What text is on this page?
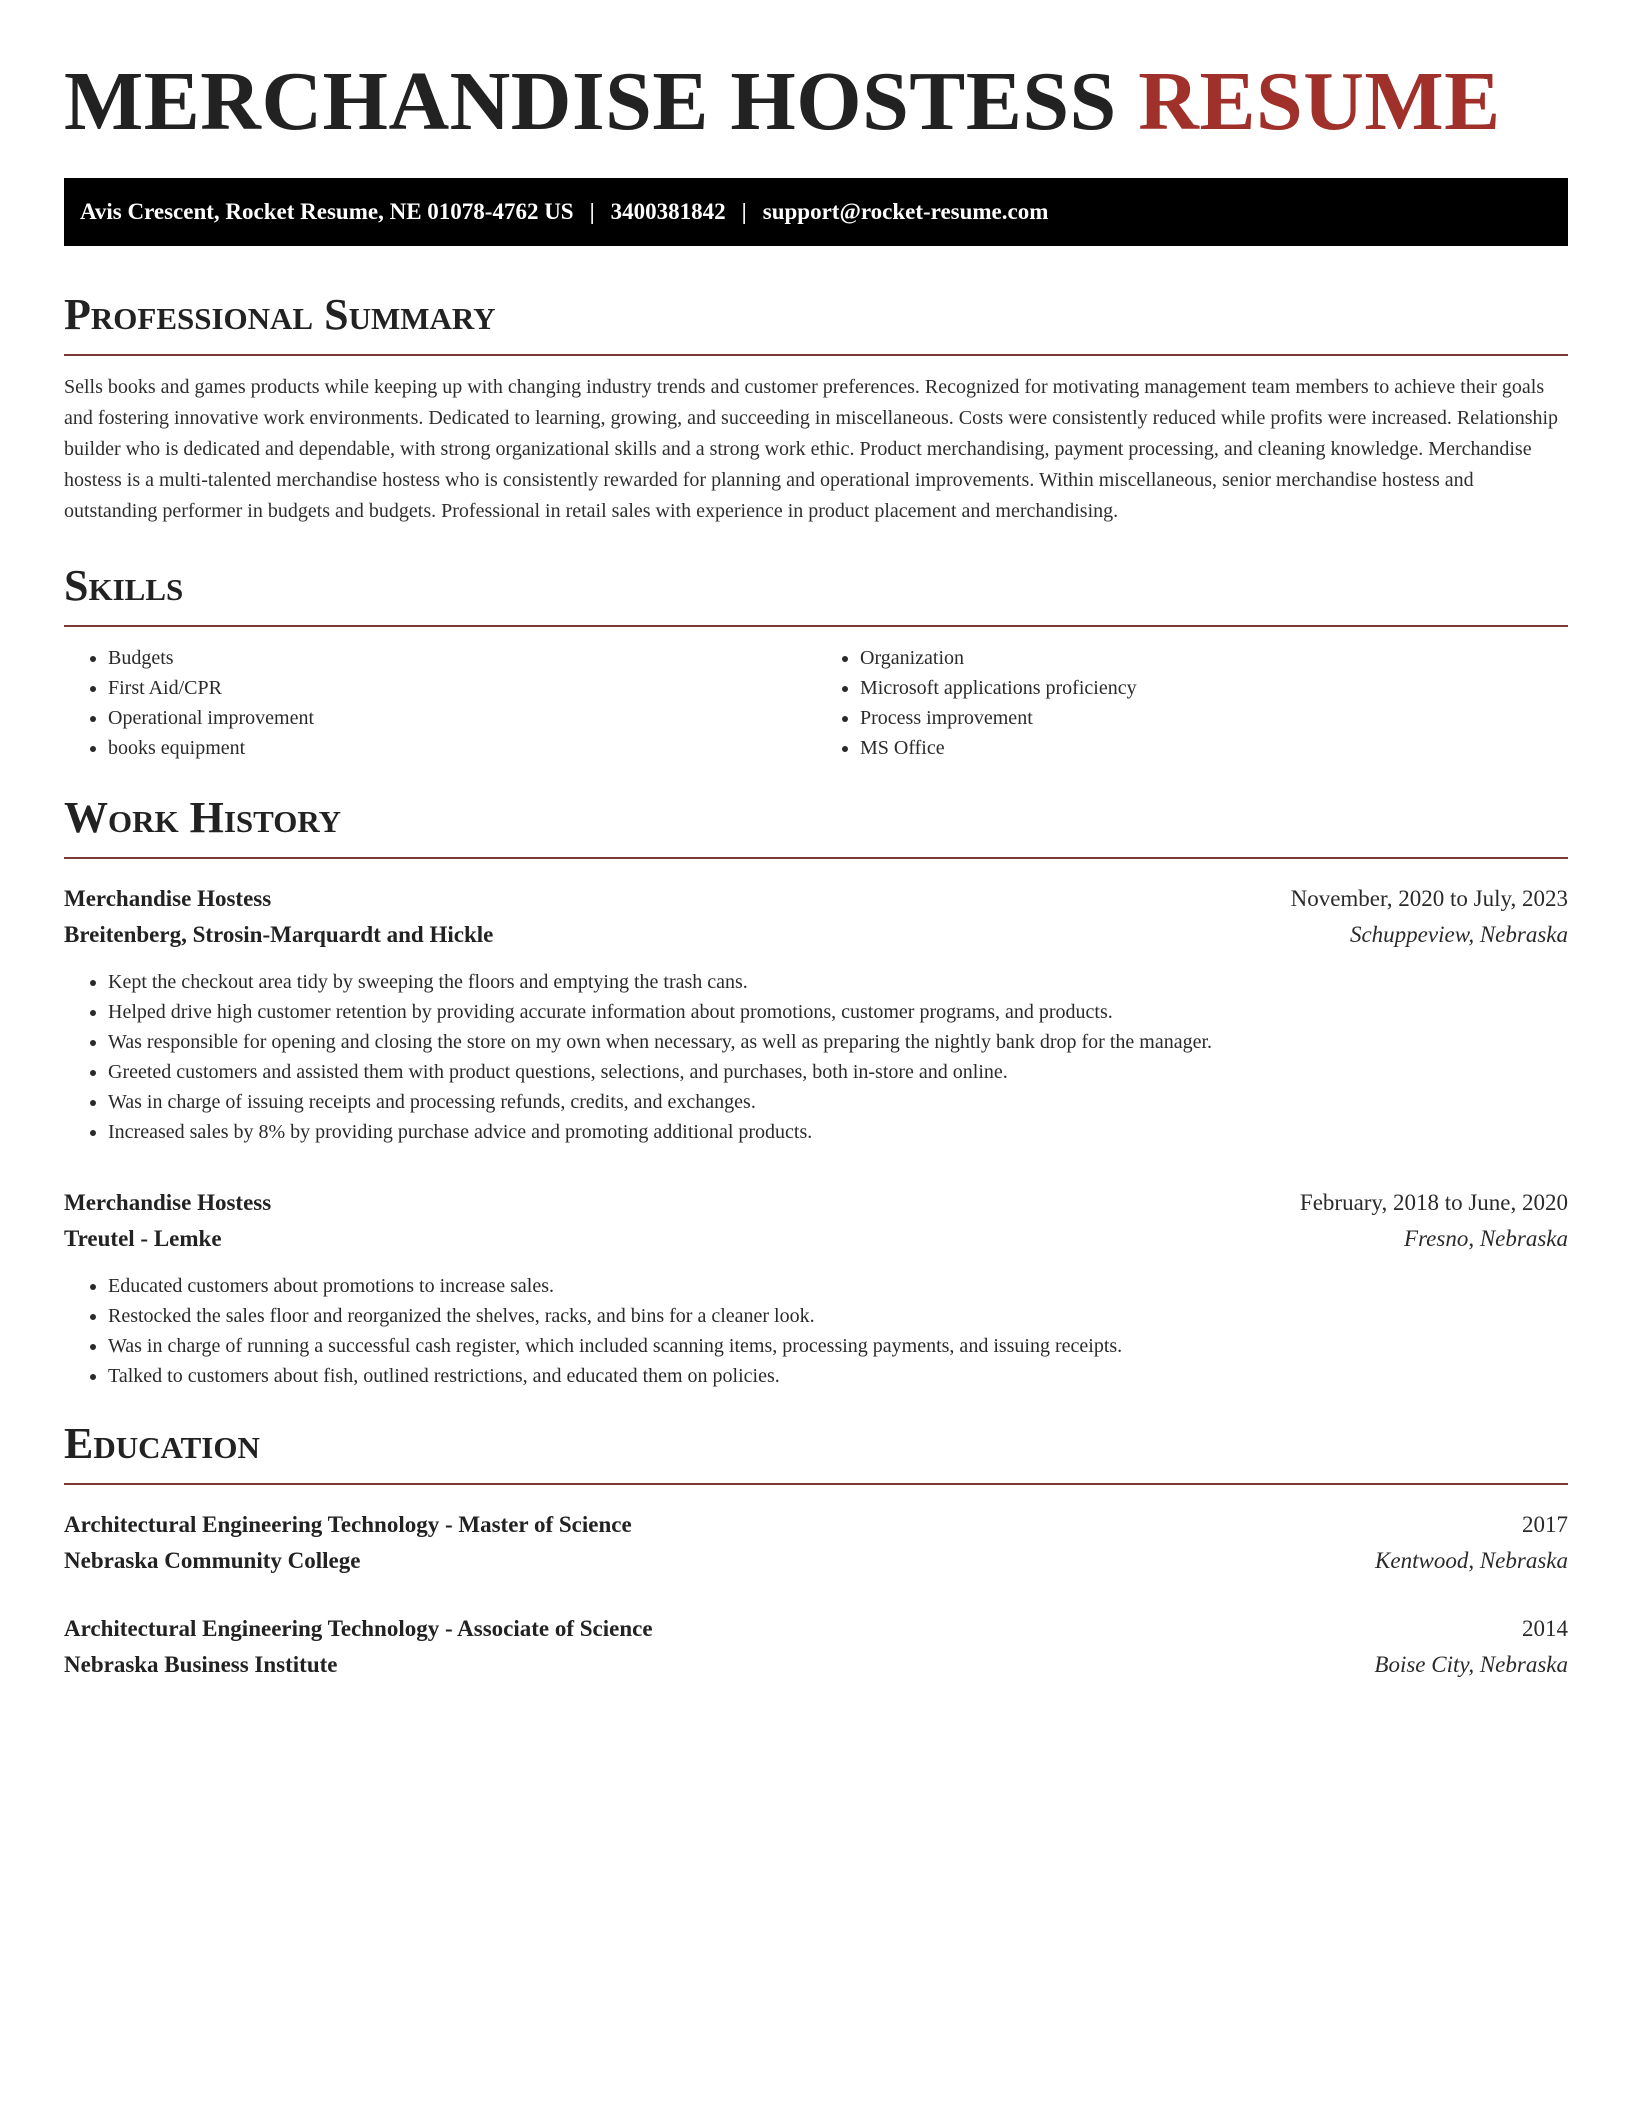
MERCHANDISE HOSTESS RESUME
Avis Crescent, Rocket Resume, NE 01078-4762 US | 3400381842 | support@rocket-resume.com
Professional Summary

Sells books and games products while keeping up with changing industry trends and customer preferences. Recognized for motivating management team members to achieve their goals and fostering innovative work environments. Dedicated to learning, growing, and succeeding in miscellaneous. Costs were consistently reduced while profits were increased. Relationship builder who is dedicated and dependable, with strong organizational skills and a strong work ethic. Product merchandising, payment processing, and cleaning knowledge. Merchandise hostess is a multi-talented merchandise hostess who is consistently rewarded for planning and operational improvements. Within miscellaneous, senior merchandise hostess and outstanding performer in budgets and budgets. Professional in retail sales with experience in product placement and merchandising.

Skills
• Budgets
• First Aid/CPR
• Operational improvement
• books equipment
• Organization
• Microsoft applications proficiency
• Process improvement
• MS Office
Work History
Merchandise Hostess	November, 2020 to July, 2023
Breitenberg, Strosin-Marquardt and Hickle	Schuppeview, Nebraska
• Kept the checkout area tidy by sweeping the floors and emptying the trash cans.
• Helped drive high customer retention by providing accurate information about promotions, customer programs, and products.
• Was responsible for opening and closing the store on my own when necessary, as well as preparing the nightly bank drop for the manager.
• Greeted customers and assisted them with product questions, selections, and purchases, both in-store and online.
• Was in charge of issuing receipts and processing refunds, credits, and exchanges.
• Increased sales by 8% by providing purchase advice and promoting additional products.
Merchandise Hostess	February, 2018 to June, 2020
Treutel - Lemke	Fresno, Nebraska
• Educated customers about promotions to increase sales.
• Restocked the sales floor and reorganized the shelves, racks, and bins for a cleaner look.
• Was in charge of running a successful cash register, which included scanning items, processing payments, and issuing receipts.
• Talked to customers about fish, outlined restrictions, and educated them on policies.
Education
Architectural Engineering Technology - Master of Science	2017
Nebraska Community College	Kentwood, Nebraska
Architectural Engineering Technology - Associate of Science	2014
Nebraska Business Institute	Boise City, Nebraska
